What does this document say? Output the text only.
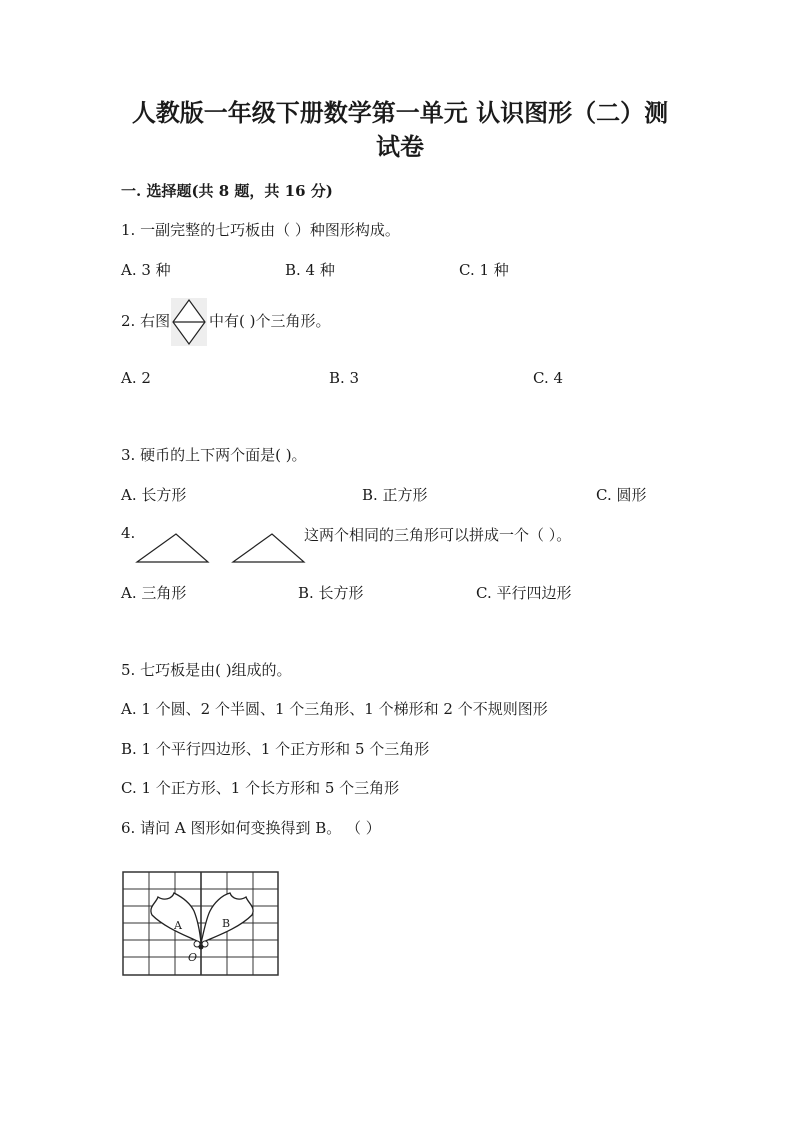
人教版一年级下册数学第一单元 认识图形（二）测
试卷
一. 选择题(共 8 题，共 16 分)
1. 一副完整的七巧板由（ ）种图形构成。
A. 3 种	B. 4 种	C. 1 种
2. 右图	中有( )个三角形。
A. 2	B. 3	C. 4
3. 硬币的上下两个面是( )。
A. 长方形	B. 正方形	C. 圆形
4.	这两个相同的三角形可以拼成一个（ ）。
A. 三角形	B. 长方形	C. 平行四边形
5. 七巧板是由( )组成的。
A. 1 个圆、2 个半圆、1 个三角形、1 个梯形和 2 个不规则图形
B. 1 个平行四边形、1 个正方形和 5 个三角形
C. 1 个正方形、1 个长方形和 5 个三角形
6. 请问 A 图形如何变换得到 B。 （ ）
A	B
O
